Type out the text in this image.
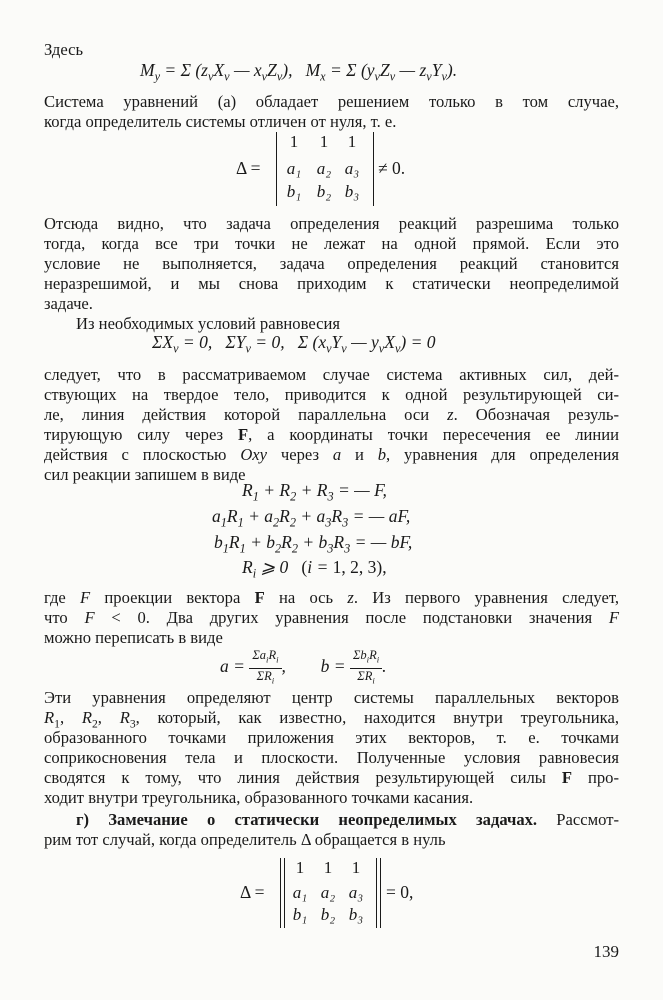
Здесь
$M_y = \Sigma$ ($z_\nu X_\nu$ — $x_\nu Z_\nu$),   $M_x = \Sigma$ ($y_\nu Z_\nu$ — $z_\nu Y_\nu$).
Система уравнений (a) обладает решением только в том случае,
когда определитель системы отличен от нуля, т. е.
Δ =
1	1	1
a₁ a₂ a₃
b₁ b₂ b₃
≠ 0.
Отсюда видно, что задача определения реакций разрешима только
тогда, когда все три точки не лежат на одной прямой. Если это
условие не выполняется, задача определения реакций становится
неразрешимой, и мы снова приходим к статически неопределимой
задаче.
Из необходимых условий равновесия
$\Sigma X_\nu = 0$,   $\Sigma Y_\nu = 0$,   Σ ($x_\nu Y_\nu$ — $y_\nu X_\nu) = 0$
следует, что в рассматриваемом случае системa активных сил, дей-
ствующих на твердое тело, приводится к одной результирующей си-
ле, линия действия которой параллельна оси z. Обозначая резуль-
тирующую силу через F, а координаты точки пересечения ее линии
действия с плоскостью Oxy через a и b, уравнения для определения
сил реакции запишем в виде
$R_1 + R_2 + R_3$ = — F,
$a_1R_1 + a_2R_2 + a_3R_3$ = — aF,
$b_1R_1 + b_2R_2 + b_3R_3$ = — bF,
$R_i$ ⩾ 0   (i = 1, 2, 3),
где F проекции вектора F на ось z. Из первого уравнения следует,
что F < 0. Два других уравнения после подстановки значения F
можно переписать в виде
$a = \frac{\Sigma a_iR_i}{\Sigma R_i}$ ,  $b = \frac{\Sigma b_iR_i}{\Sigma R_i}$ .
Эти уравнения определяют центр системы параллельных векторов
$R_1$, $R_2$, $R_3$, который, как известно, находится внутри треугольника,
образованного точками приложения этих векторов, т. е. точками
соприкосновения тела и плоскости. Полученные условия равновесия
сводятся к тому, что линия действия результирующей силы F про-
ходит внутри треугольника, образованного точками касания.
г) Замечание о статически неопределимых задачах. Рассмот-
рим тот случай, когда определитель Δ обращается в нуль
Δ =
1	1	1
a₁ a₂ a₃
b₁ b₂ b₃
= 0,
139
